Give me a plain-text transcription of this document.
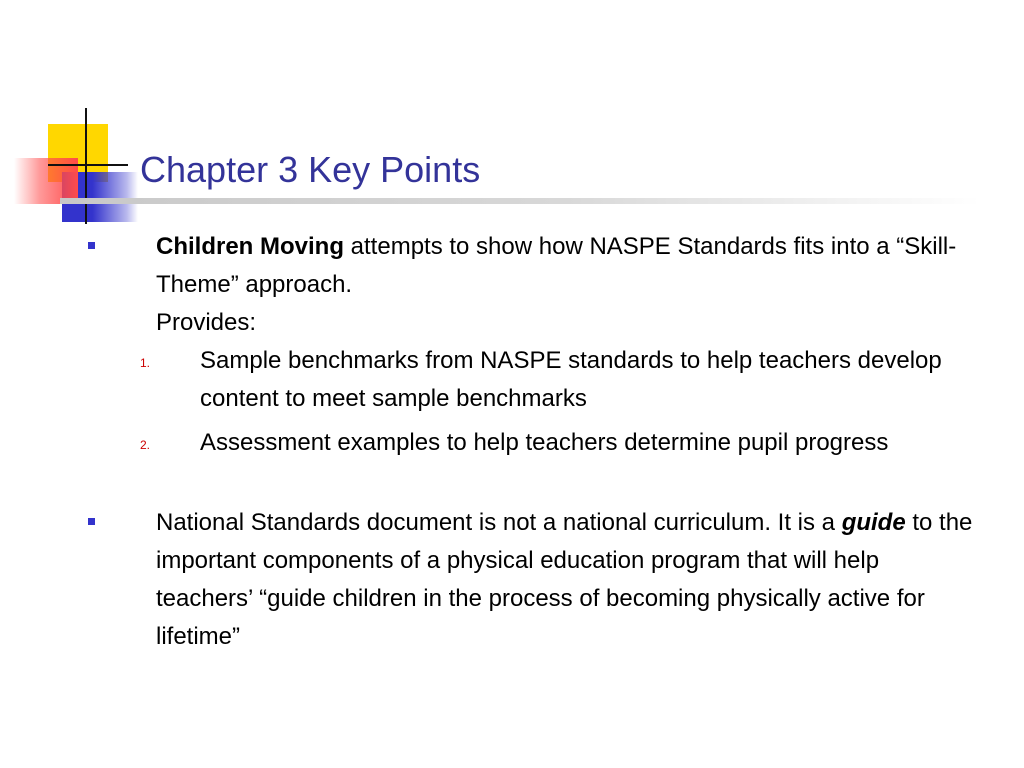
Chapter 3 Key Points
Children Moving attempts to show how NASPE Standards fits into a “Skill-Theme” approach.
Provides:
1. Sample benchmarks from NASPE standards to help teachers develop content to meet sample benchmarks
2. Assessment examples to help teachers determine pupil progress
National Standards document is not a national curriculum. It is a guide to the important components of a physical education program that will help teachers’ “guide children in the process of becoming physically active for lifetime”
